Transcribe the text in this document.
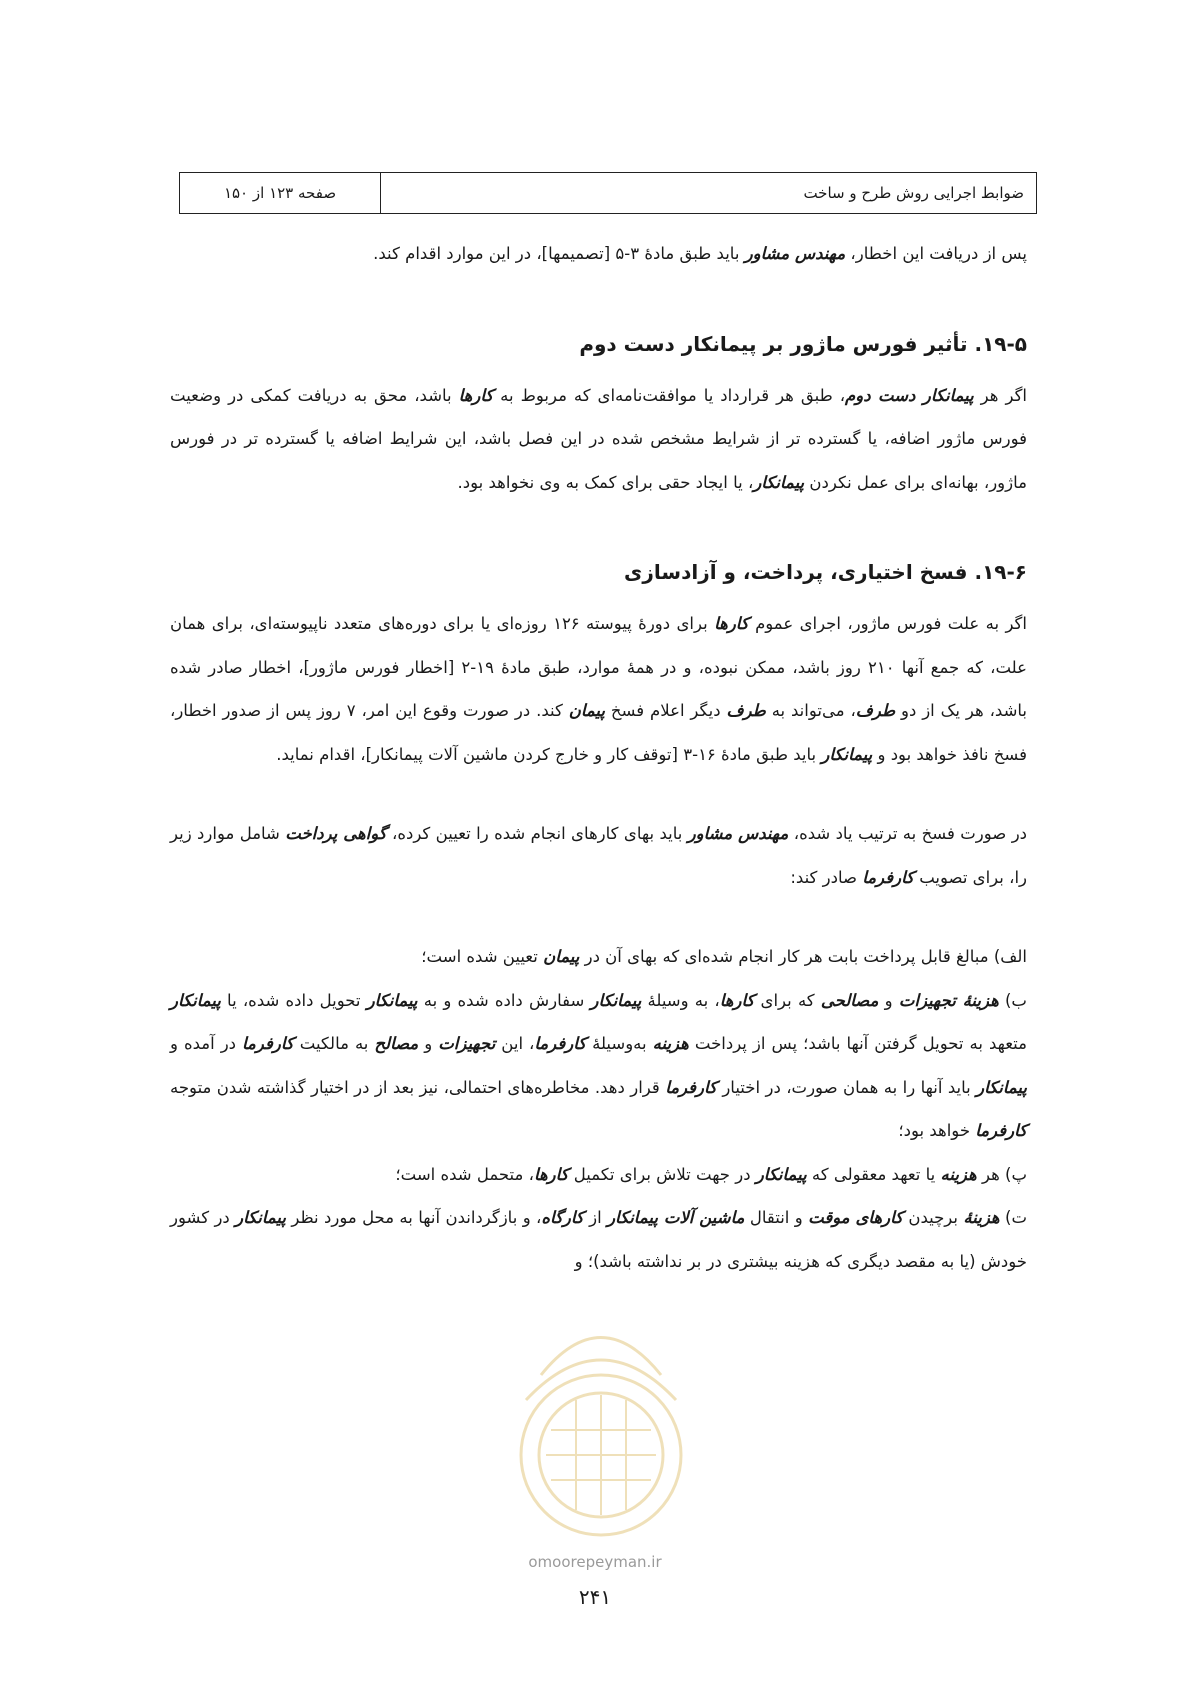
ضوابط اجرایی روش طرح و ساخت
صفحه ۱۲۳ از ۱۵۰

پس از دریافت این اخطار، مهندس مشاور باید طبق مادۀ ۳-۵ [تصمیمها]، در این موارد اقدام کند.

۱۹-۵. تأثیر فورس ماژور بر پیمانکار دست دوم

اگر هر پیمانکار دست دوم، طبق هر قرارداد یا موافقت‌نامه‌ای که مربوط به کارها باشد، محق به دریافت کمکی در وضعیت فورس ماژور اضافه، یا گسترده تر از شرایط مشخص شده در این فصل باشد، این شرایط اضافه یا گسترده تر در فورس ماژور، بهانه‌ای برای عمل نکردن پیمانکار، یا ایجاد حقی برای کمک به وی نخواهد بود.

۱۹-۶. فسخ اختیاری، پرداخت، و آزادسازی

اگر به علت فورس ماژور، اجرای عموم کارها برای دورۀ پیوسته ۱۲۶ روزه‌ای یا برای دوره‌های متعدد ناپیوسته‌ای، برای همان علت، که جمع آنها ۲۱۰ روز باشد، ممکن نبوده، و در همۀ موارد، طبق مادۀ ۱۹-۲ [اخطار فورس ماژور]، اخطار صادر شده باشد، هر یک از دو طرف، می‌تواند به طرف دیگر اعلام فسخ پیمان کند. در صورت وقوع این امر، ۷ روز پس از صدور اخطار، فسخ نافذ خواهد بود و پیمانکار باید طبق مادۀ ۱۶-۳ [توقف کار و خارج کردن ماشین آلات پیمانکار]، اقدام نماید.

در صورت فسخ به ترتیب یاد شده، مهندس مشاور باید بهای کارهای انجام شده را تعیین کرده، گواهی پرداخت شامل موارد زیر را، برای تصویب کارفرما صادر کند:

الف) مبالغ قابل پرداخت بابت هر کار انجام شده‌ای که بهای آن در پیمان تعیین شده است؛

ب) هزینۀ تجهیزات و مصالحی که برای کارها، به وسیلۀ پیمانکار سفارش داده شده و به پیمانکار تحویل داده شده، یا پیمانکار متعهد به تحویل گرفتن آنها باشد؛ پس از پرداخت هزینه به‌وسیلۀ کارفرما، این تجهیزات و مصالح به مالکیت کارفرما در آمده و پیمانکار باید آنها را به همان صورت، در اختیار کارفرما قرار دهد. مخاطره‌های احتمالی، نیز بعد از در اختیار گذاشته شدن متوجه کارفرما خواهد بود؛

پ) هر هزینه یا تعهد معقولی که پیمانکار در جهت تلاش برای تکمیل کارها، متحمل شده است؛

ت) هزینۀ برچیدن کارهای موقت و انتقال ماشین آلات پیمانکار از کارگاه، و بازگرداندن آنها به محل مورد نظر پیمانکار در کشور خودش (یا به مقصد دیگری که هزینه بیشتری در بر نداشته باشد)؛ و

omoorepeyman.ir
۲۴۱
